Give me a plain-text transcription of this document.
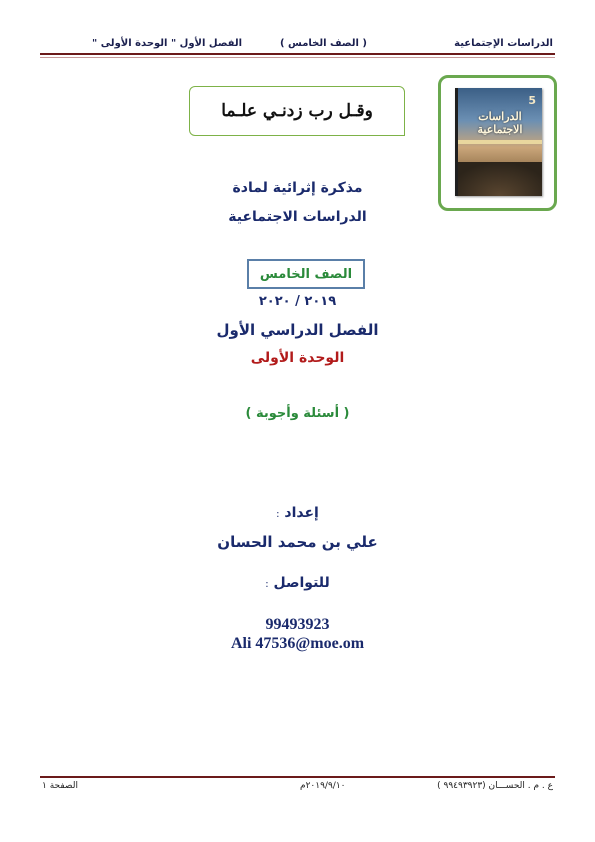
الدراسات الإجتماعية
( الصف الخامس )
الفصل الأول " الوحدة الأولى "
وقـل رب زدنـي علـما
5
الدراسات
الاجتماعية
مذكرة إثرائية لمادة
الدراسات الاجتماعية
الصف الخامس
٢٠١٩ / ٢٠٢٠
الفصل الدراسي الأول
الوحدة الأولى
( أسئلة وأجوبة )
إعداد :
علي بن محمد الحسان
للتواصل :
99493923
Ali 47536@moe.om
ع . م . الحســـان (٩٩٤٩٣٩٢٣ )
٢٠١٩/٩/١٠م
الصفحة ١
